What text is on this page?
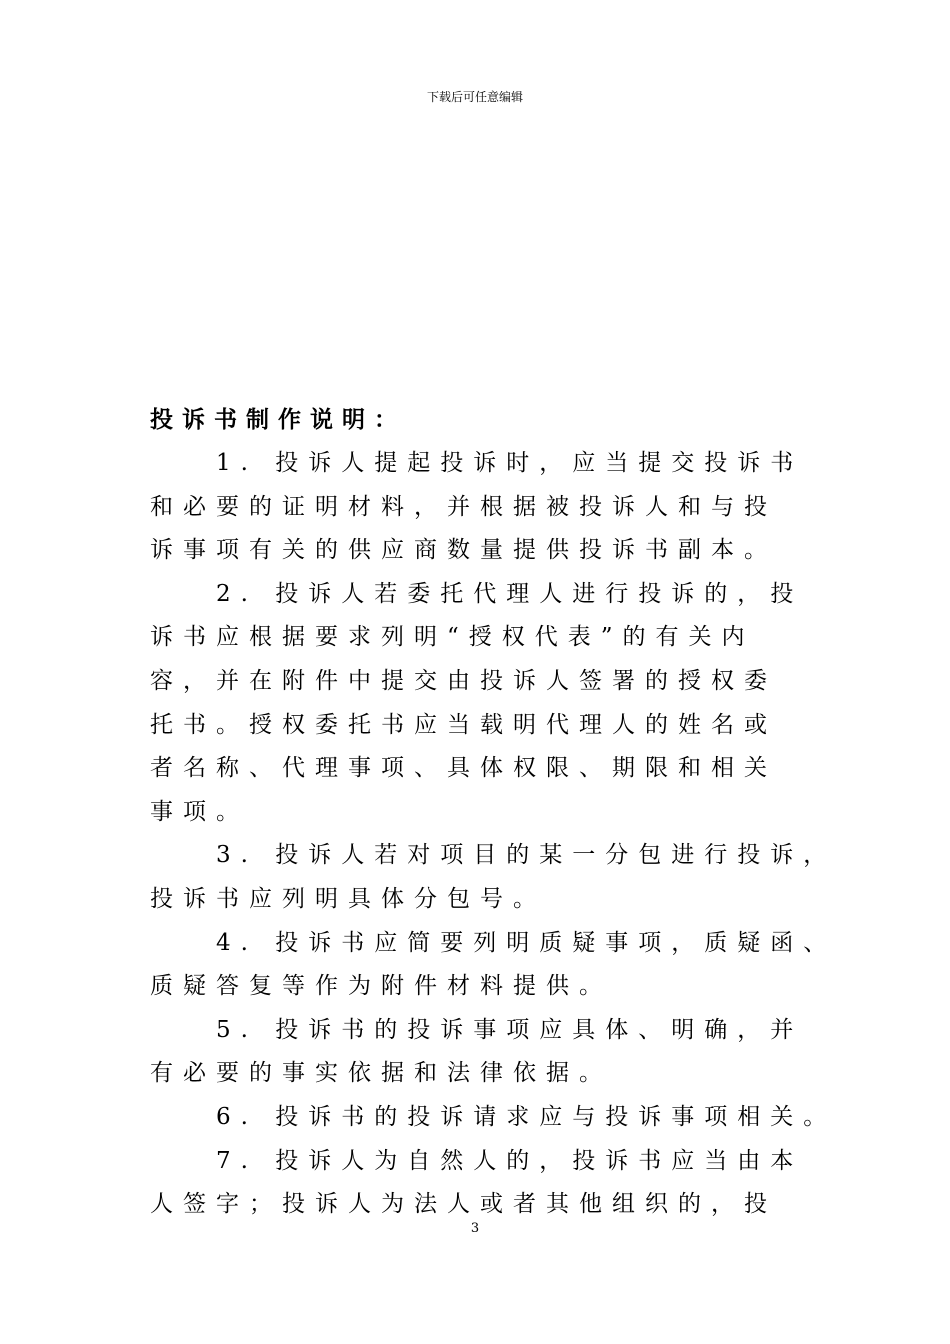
下载后可任意编辑
投诉书制作说明：
1. 投诉人提起投诉时，应当提交投诉书
和必要的证明材料，并根据被投诉人和与投
诉事项有关的供应商数量提供投诉书副本。
2. 投诉人若委托代理人进行投诉的，投
诉书应根据要求列明“授权代表”的有关内
容，并在附件中提交由投诉人签署的授权委
托书。授权委托书应当载明代理人的姓名或
者名称、代理事项、具体权限、期限和相关
事项。
3. 投诉人若对项目的某一分包进行投诉，
投诉书应列明具体分包号。
4. 投诉书应简要列明质疑事项，质疑函、
质疑答复等作为附件材料提供。
5. 投诉书的投诉事项应具体、明确，并
有必要的事实依据和法律依据。
6. 投诉书的投诉请求应与投诉事项相关。
7. 投诉人为自然人的，投诉书应当由本
人签字；投诉人为法人或者其他组织的，投
3
